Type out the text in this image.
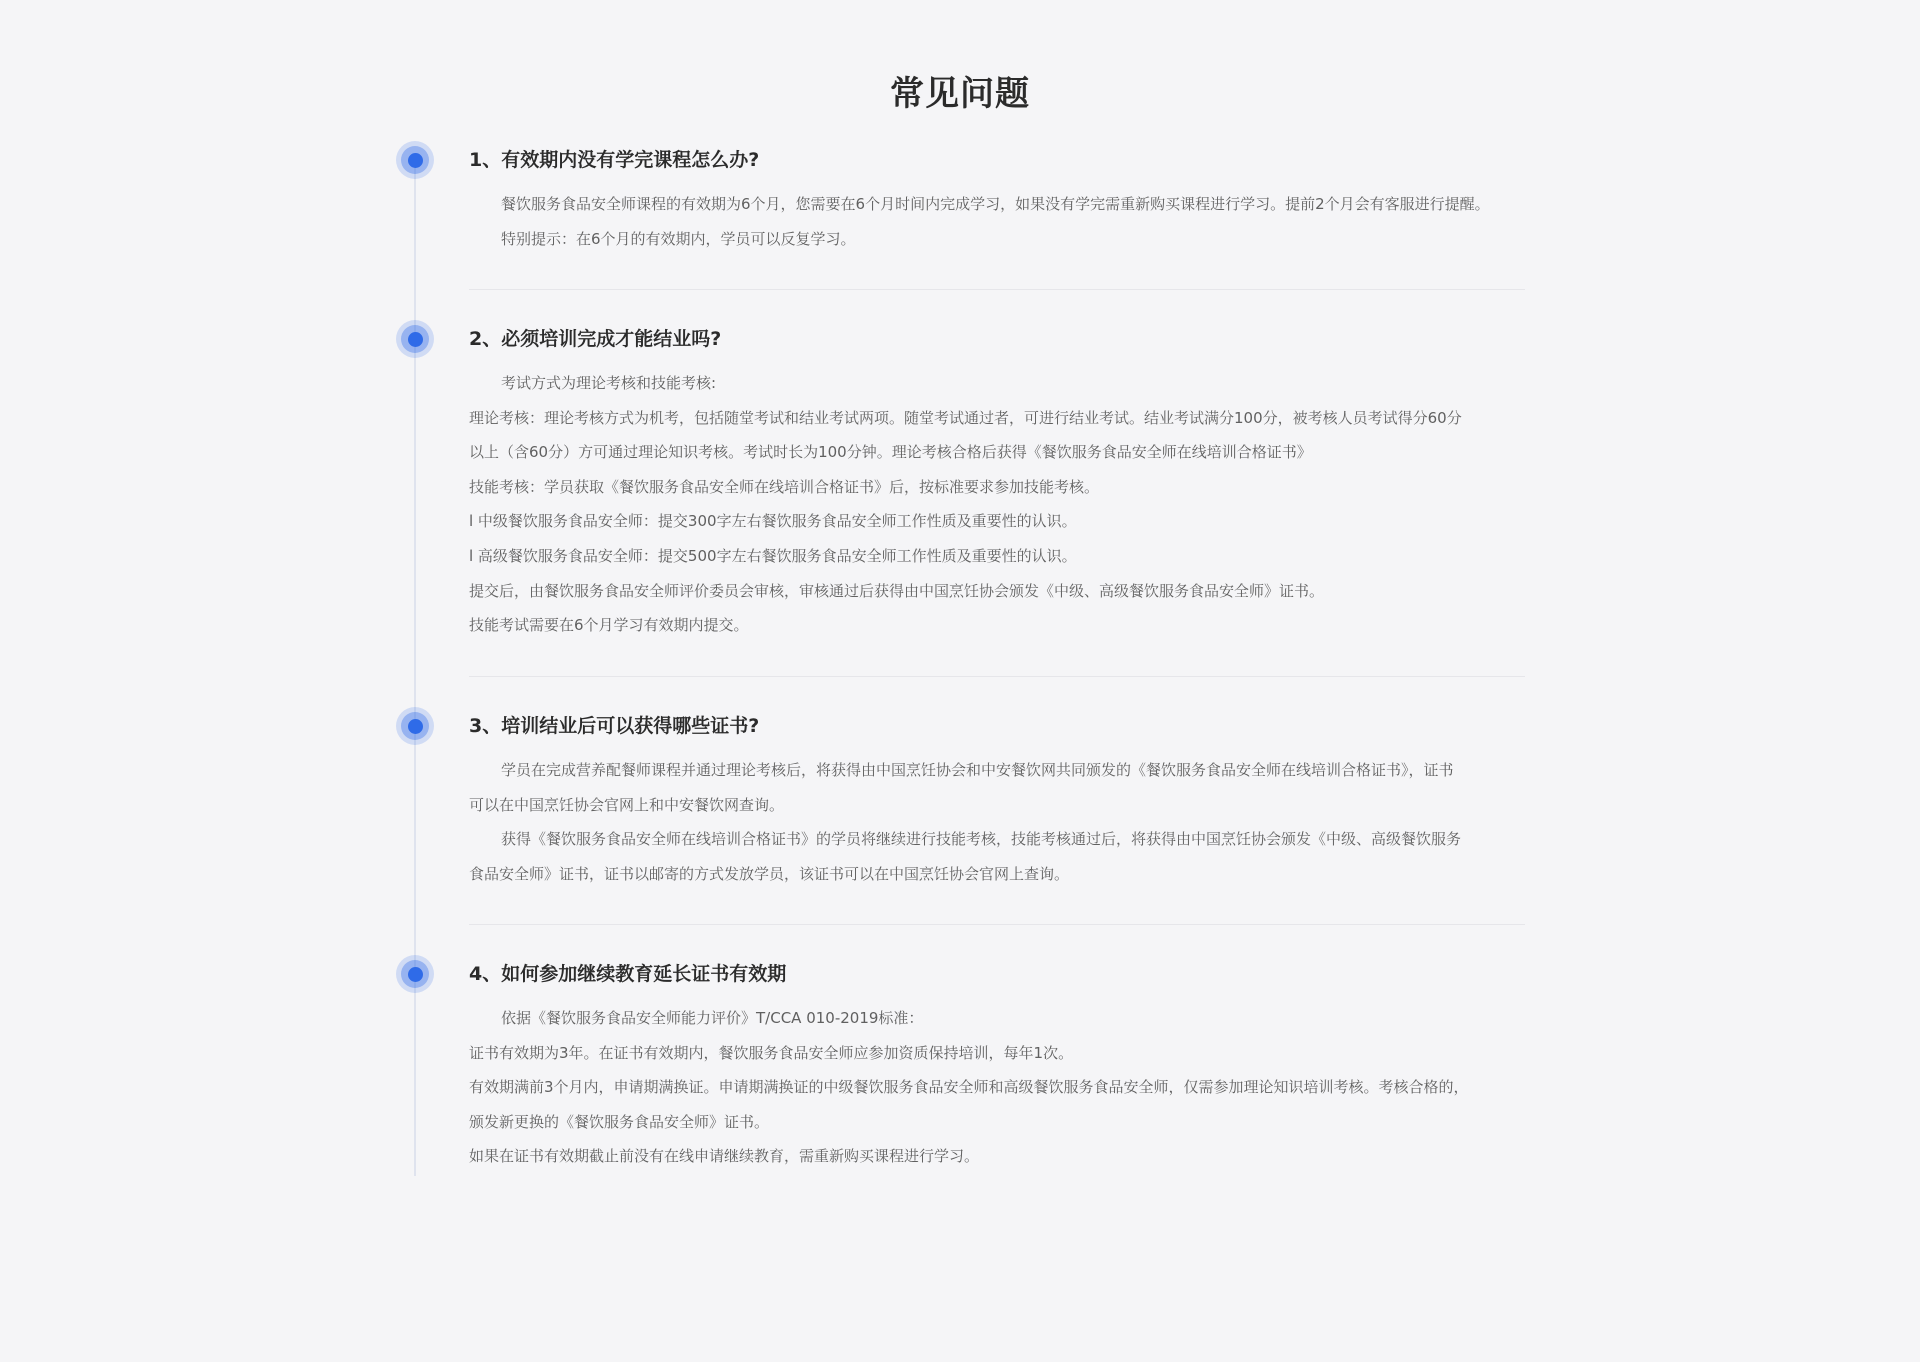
常见问题
1、有效期内没有学完课程怎么办?

餐饮服务食品安全师课程的有效期为6个月，您需要在6个月时间内完成学习，如果没有学完需重新购买课程进行学习。提前2个月会有客服进行提醒。

特别提示：在6个月的有效期内，学员可以反复学习。

2、必须培训完成才能结业吗?

考试方式为理论考核和技能考核:

理论考核：理论考核方式为机考，包括随堂考试和结业考试两项。随堂考试通过者，可进行结业考试。结业考试满分100分，被考核人员考试得分60分

以上（含60分）方可通过理论知识考核。考试时长为100分钟。理论考核合格后获得《餐饮服务食品安全师在线培训合格证书》

技能考核：学员获取《餐饮服务食品安全师在线培训合格证书》后，按标准要求参加技能考核。

l 中级餐饮服务食品安全师：提交300字左右餐饮服务食品安全师工作性质及重要性的认识。

l 高级餐饮服务食品安全师：提交500字左右餐饮服务食品安全师工作性质及重要性的认识。

提交后，由餐饮服务食品安全师评价委员会审核，审核通过后获得由中国烹饪协会颁发《中级、高级餐饮服务食品安全师》证书。

技能考试需要在6个月学习有效期内提交。

3、培训结业后可以获得哪些证书?

学员在完成营养配餐师课程并通过理论考核后，将获得由中国烹饪协会和中安餐饮网共同颁发的《餐饮服务食品安全师在线培训合格证书》，证书

可以在中国烹饪协会官网上和中安餐饮网查询。

获得《餐饮服务食品安全师在线培训合格证书》的学员将继续进行技能考核，技能考核通过后，将获得由中国烹饪协会颁发《中级、高级餐饮服务

食品安全师》证书，证书以邮寄的方式发放学员，该证书可以在中国烹饪协会官网上查询。

4、如何参加继续教育延长证书有效期

依据《餐饮服务食品安全师能力评价》T/CCA 010-2019标准：

证书有效期为3年。在证书有效期内，餐饮服务食品安全师应参加资质保持培训，每年1次。

有效期满前3个月内，申请期满换证。申请期满换证的中级餐饮服务食品安全师和高级餐饮服务食品安全师，仅需参加理论知识培训考核。考核合格的，

颁发新更换的《餐饮服务食品安全师》证书。

如果在证书有效期截止前没有在线申请继续教育，需重新购买课程进行学习。
